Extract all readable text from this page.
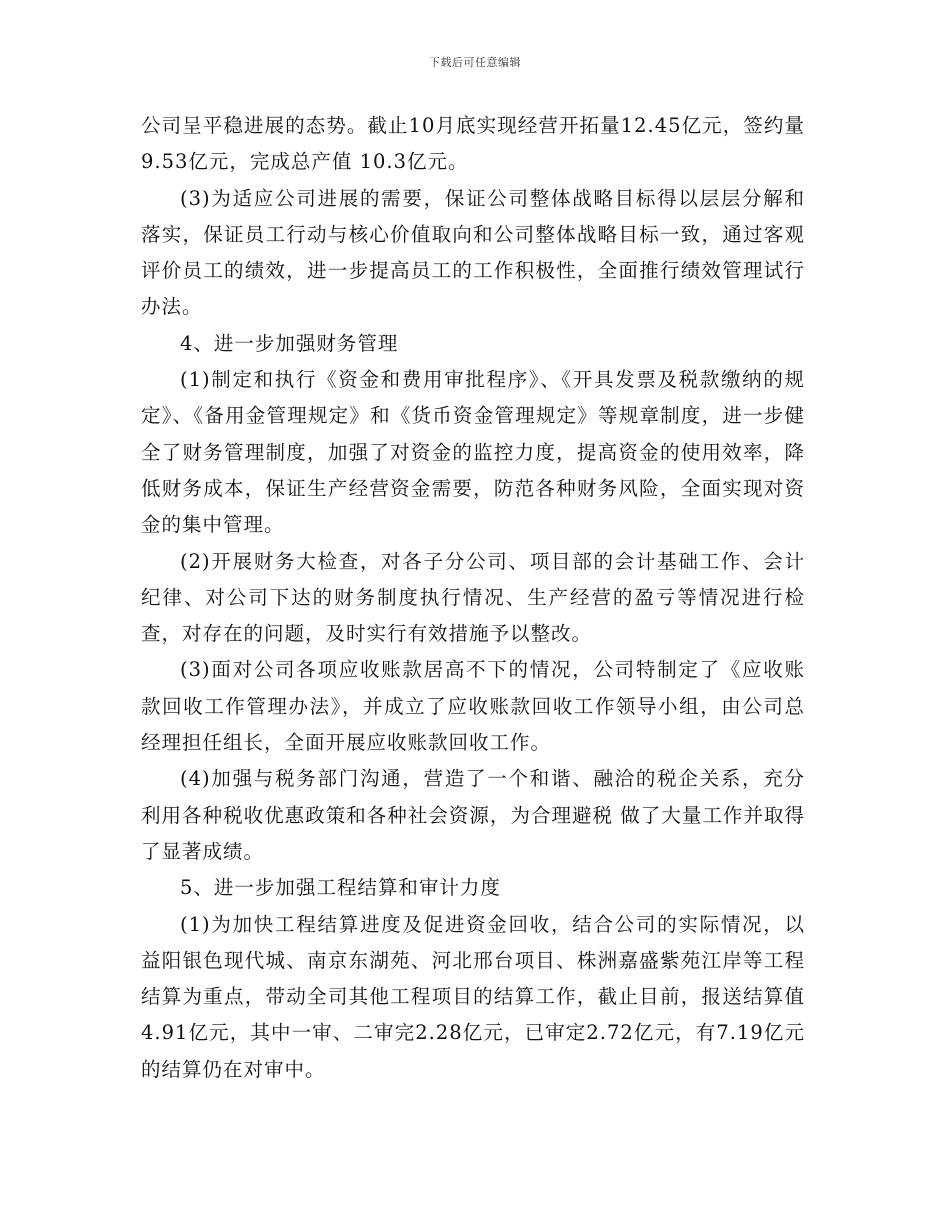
下载后可任意编辑

公司呈平稳进展的态势。截止10月底实现经营开拓量12.45亿元，签约量9.53亿元，完成总产值 10.3亿元。

(3)为适应公司进展的需要，保证公司整体战略目标得以层层分解和落实，保证员工行动与核心价值取向和公司整体战略目标一致，通过客观评价员工的绩效，进一步提高员工的工作积极性，全面推行绩效管理试行办法。

4、进一步加强财务管理

(1)制定和执行《资金和费用审批程序》、《开具发票及税款缴纳的规定》、《备用金管理规定》和《货币资金管理规定》等规章制度，进一步健全了财务管理制度，加强了对资金的监控力度，提高资金的使用效率，降低财务成本，保证生产经营资金需要，防范各种财务风险，全面实现对资金的集中管理。

(2)开展财务大检查，对各子分公司、项目部的会计基础工作、会计纪律、对公司下达的财务制度执行情况、生产经营的盈亏等情况进行检查，对存在的问题，及时实行有效措施予以整改。

(3)面对公司各项应收账款居高不下的情况，公司特制定了《应收账款回收工作管理办法》，并成立了应收账款回收工作领导小组，由公司总经理担任组长，全面开展应收账款回收工作。

(4)加强与税务部门沟通，营造了一个和谐、融洽的税企关系，充分利用各种税收优惠政策和各种社会资源，为合理避税 做了大量工作并取得了显著成绩。

5、进一步加强工程结算和审计力度

(1)为加快工程结算进度及促进资金回收，结合公司的实际情况，以益阳银色现代城、南京东湖苑、河北邢台项目、株洲嘉盛紫苑江岸等工程结算为重点，带动全司其他工程项目的结算工作，截止目前，报送结算值4.91亿元，其中一审、二审完2.28亿元，已审定2.72亿元，有7.19亿元的结算仍在对审中。
